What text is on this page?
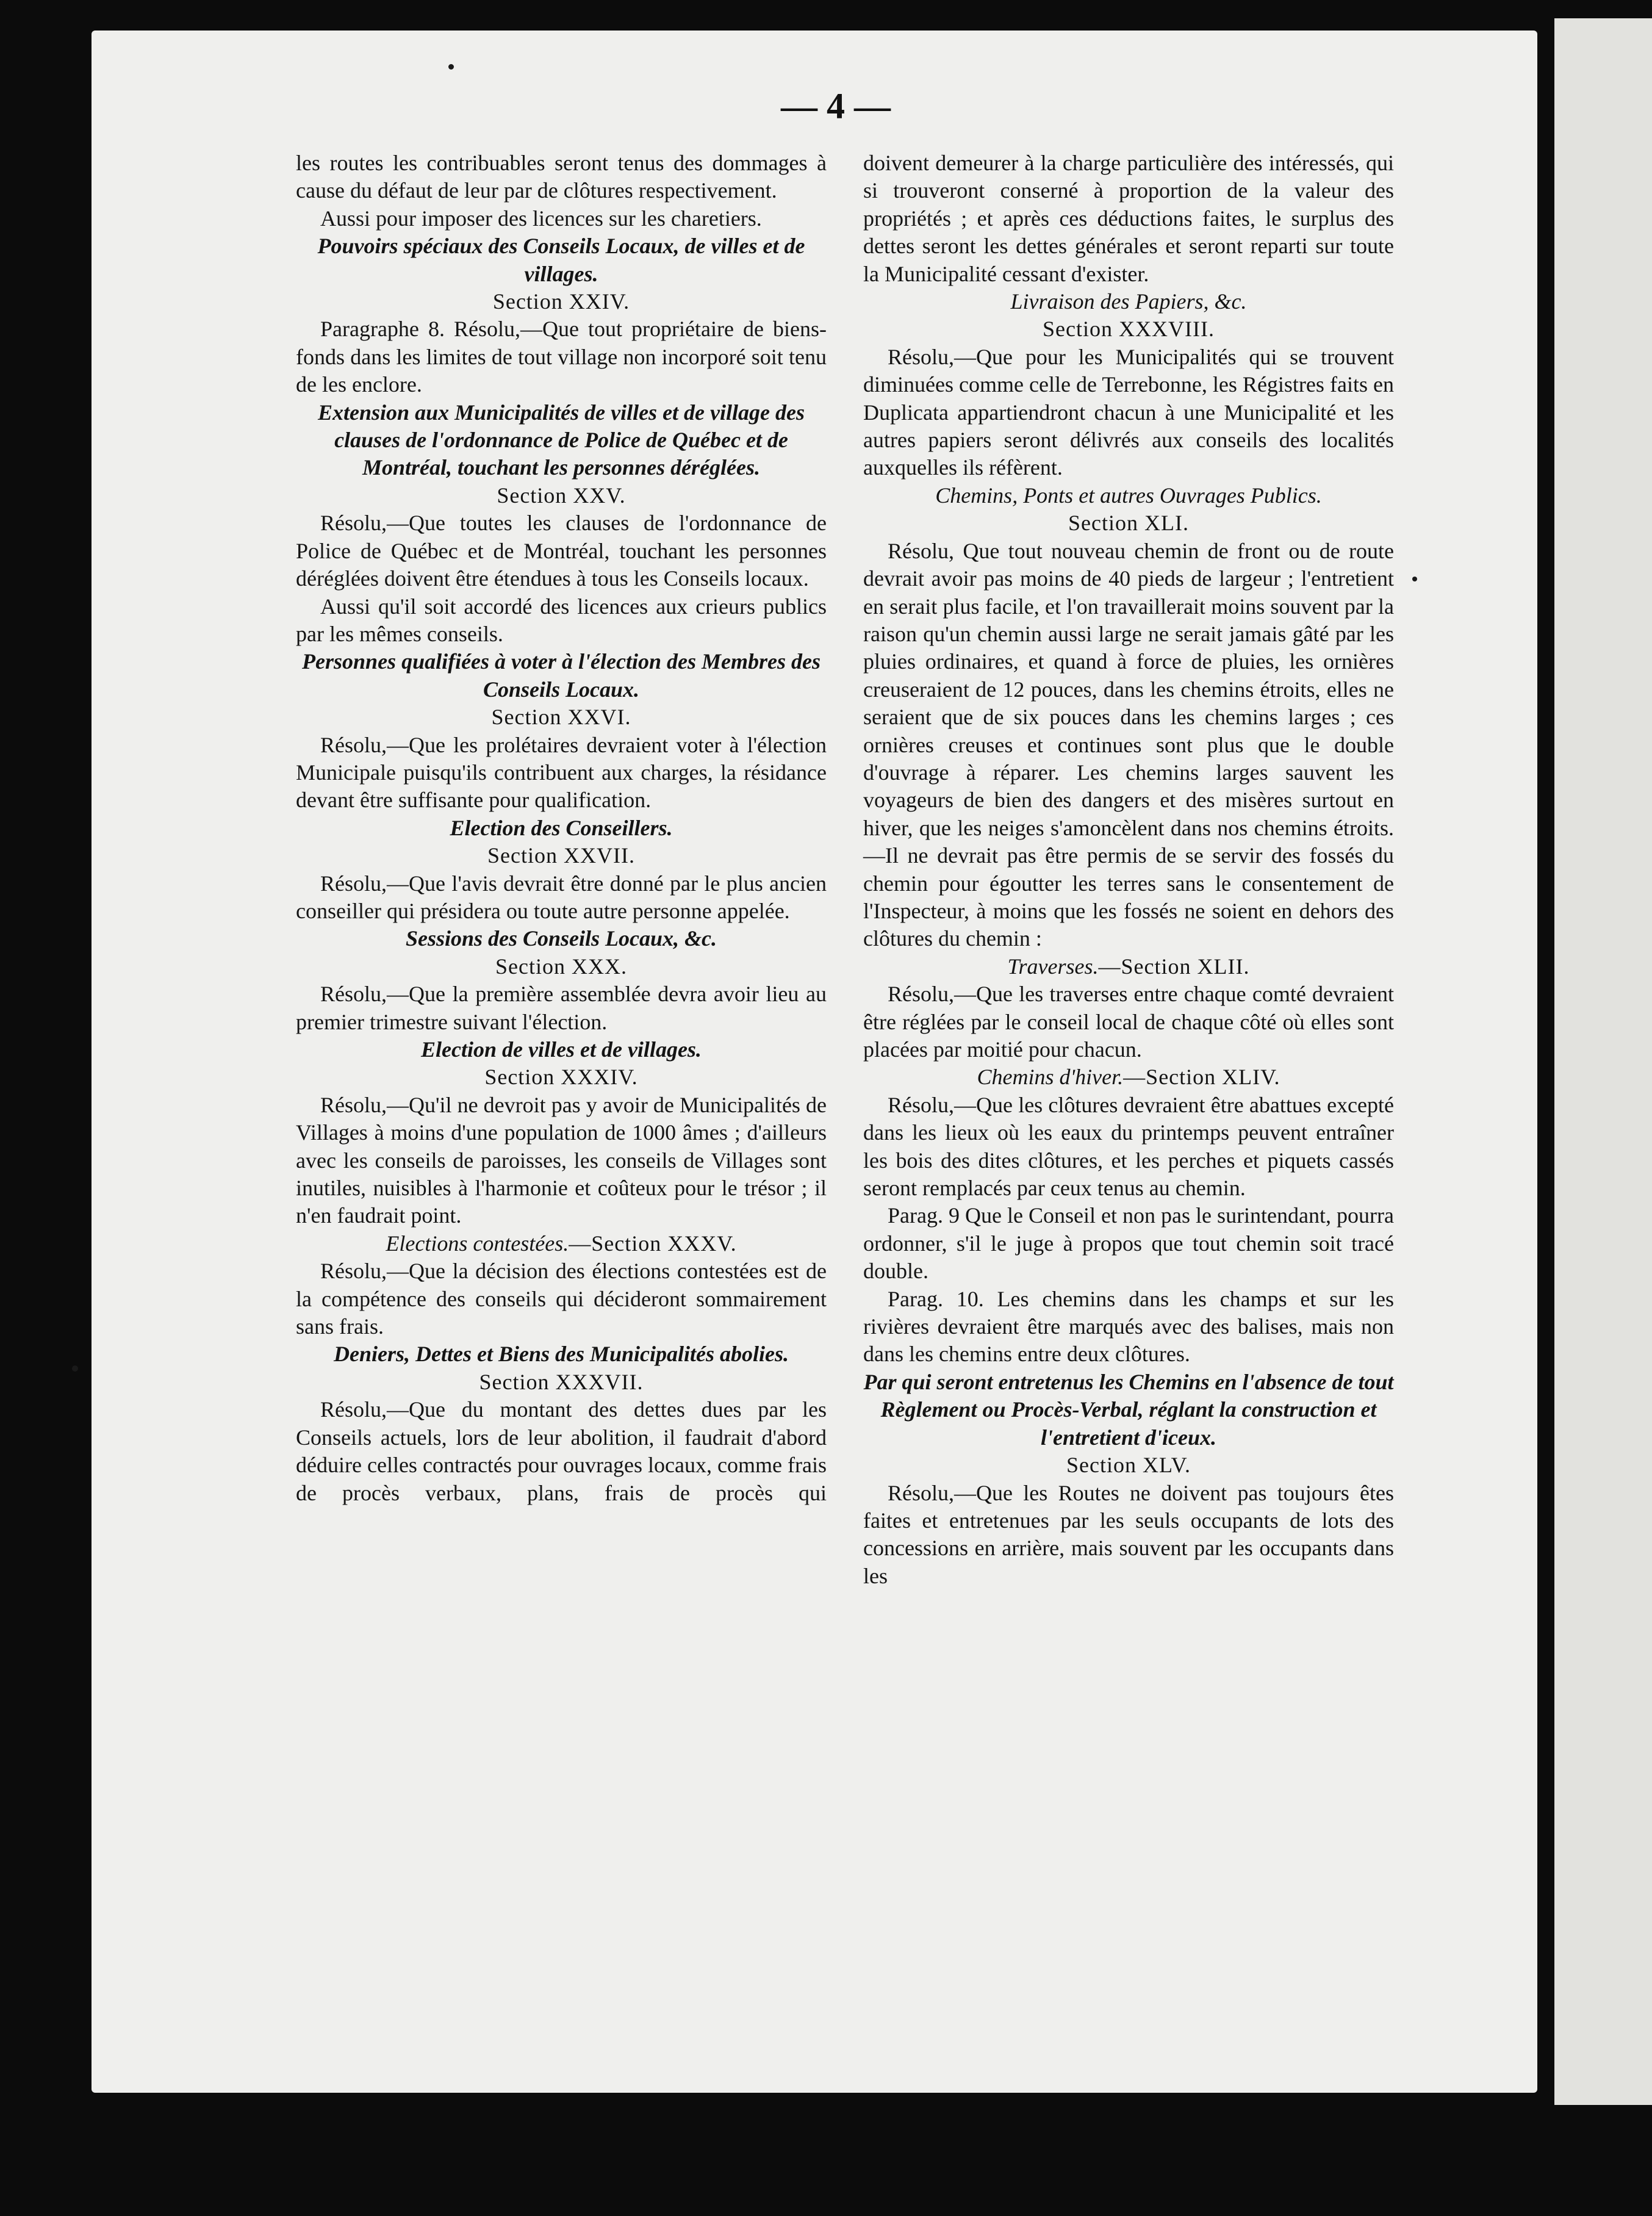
— 4 —

les routes les contribuables seront tenus des dommages à cause du défaut de leur par de clôtures respectivement.

Aussi pour imposer des licences sur les charetiers.

Pouvoirs spéciaux des Conseils Locaux, de villes et de villages.
Section XXIV.

Paragraphe 8. Résolu,—Que tout propriétaire de biens-fonds dans les limites de tout village non incorporé soit tenu de les enclore.

Extension aux Municipalités de villes et de village des clauses de l'ordonnance de Police de Québec et de Montréal, touchant les personnes déréglées.
Section XXV.

Résolu,—Que toutes les clauses de l'ordonnance de Police de Québec et de Montréal, touchant les personnes déréglées doivent être étendues à tous les Conseils locaux.

Aussi qu'il soit accordé des licences aux crieurs publics par les mêmes conseils.

Personnes qualifiées à voter à l'élection des Membres des Conseils Locaux.
Section XXVI.

Résolu,—Que les prolétaires devraient voter à l'élection Municipale puisqu'ils contribuent aux charges, la résidance devant être suffisante pour qualification.

Election des Conseillers.
Section XXVII.

Résolu,—Que l'avis devrait être donné par le plus ancien conseiller qui présidera ou toute autre personne appelée.

Sessions des Conseils Locaux, &c.
Section XXX.

Résolu,—Que la première assemblée devra avoir lieu au premier trimestre suivant l'élection.

Election de villes et de villages.
Section XXXIV.

Résolu,—Qu'il ne devroit pas y avoir de Municipalités de Villages à moins d'une population de 1000 âmes ; d'ailleurs avec les conseils de paroisses, les conseils de Villages sont inutiles, nuisibles à l'harmonie et coûteux pour le trésor ; il n'en faudrait point.

Elections contestées.—Section XXXV.

Résolu,—Que la décision des élections contestées est de la compétence des conseils qui décideront sommairement sans frais.

Deniers, Dettes et Biens des Municipalités abolies.
Section XXXVII.

Résolu,—Que du montant des dettes dues par les Conseils actuels, lors de leur abolition, il faudrait d'abord déduire celles contractés pour ouvrages locaux, comme frais de procès verbaux, plans, frais de procès qui

doivent demeurer à la charge particulière des intéressés, qui si trouveront conserné à proportion de la valeur des propriétés ; et après ces déductions faites, le surplus des dettes seront les dettes générales et seront reparti sur toute la Municipalité cessant d'exister.

Livraison des Papiers, &c.
Section XXXVIII.

Résolu,—Que pour les Municipalités qui se trouvent diminuées comme celle de Terrebonne, les Régistres faits en Duplicata appartiendront chacun à une Municipalité et les autres papiers seront délivrés aux conseils des localités auxquelles ils réfèrent.

Chemins, Ponts et autres Ouvrages Publics.
Section XLI.

Résolu, Que tout nouveau chemin de front ou de route devrait avoir pas moins de 40 pieds de largeur ; l'entretient en serait plus facile, et l'on travaillerait moins souvent par la raison qu'un chemin aussi large ne serait jamais gâté par les pluies ordinaires, et quand à force de pluies, les ornières creuseraient de 12 pouces, dans les chemins étroits, elles ne seraient que de six pouces dans les chemins larges ; ces ornières creuses et continues sont plus que le double d'ouvrage à réparer. Les chemins larges sauvent les voyageurs de bien des dangers et des misères surtout en hiver, que les neiges s'amoncèlent dans nos chemins étroits.—Il ne devrait pas être permis de se servir des fossés du chemin pour égoutter les terres sans le consentement de l'Inspecteur, à moins que les fossés ne soient en dehors des clôtures du chemin :

Traverses.—Section XLII.

Résolu,—Que les traverses entre chaque comté devraient être réglées par le conseil local de chaque côté où elles sont placées par moitié pour chacun.

Chemins d'hiver.—Section XLIV.

Résolu,—Que les clôtures devraient être abattues excepté dans les lieux où les eaux du printemps peuvent entraîner les bois des dites clôtures, et les perches et piquets cassés seront remplacés par ceux tenus au chemin.

Parag. 9 Que le Conseil et non pas le surintendant, pourra ordonner, s'il le juge à propos que tout chemin soit tracé double.

Parag. 10. Les chemins dans les champs et sur les rivières devraient être marqués avec des balises, mais non dans les chemins entre deux clôtures.

Par qui seront entretenus les Chemins en l'absence de tout Règlement ou Procès-Verbal, réglant la construction et l'entretient d'iceux.
Section XLV.

Résolu,—Que les Routes ne doivent pas toujours êtes faites et entretenues par les seuls occupants de lots des concessions en arrière, mais souvent par les occupants dans les
